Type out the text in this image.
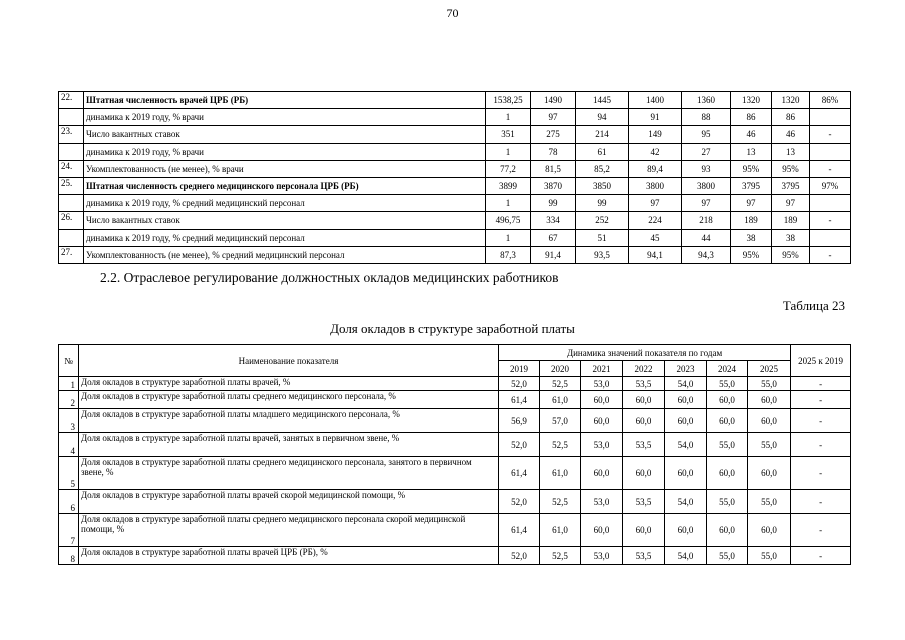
70
22.	Штатная численность врачей ЦРБ (РБ)	1538,25	1490	1445	1400	1360	1320	1320	86%
	динамика к 2019 году, % врачи	1	97	94	91	88	86	86	
23.	Число вакантных ставок	351	275	214	149	95	46	46	-
	динамика к 2019 году, % врачи	1	78	61	42	27	13	13	
24.	Укомплектованность (не менее), % врачи	77,2	81,5	85,2	89,4	93	95%	95%	-
25.	Штатная численность среднего медицинского персонала ЦРБ (РБ)	3899	3870	3850	3800	3800	3795	3795	97%
	динамика к 2019 году, % средний медицинский персонал	1	99	99	97	97	97	97	
26.	Число вакантных ставок	496,75	334	252	224	218	189	189	-
	динамика к 2019 году, % средний медицинский персонал	1	67	51	45	44	38	38	
27.	Укомплектованность (не менее), % средний медицинский персонал	87,3	91,4	93,5	94,1	94,3	95%	95%	-
2.2. Отраслевое регулирование должностных окладов медицинских работников
Таблица 23
Доля окладов в структуре заработной платы
№	Наименование показателя	Динамика значений показателя по годам							2025 к 2019
		2019	2020	2021	2022	2023	2024	2025	
1	Доля окладов в структуре заработной платы врачей, %	52,0	52,5	53,0	53,5	54,0	55,0	55,0	-
2	Доля окладов в структуре заработной платы среднего медицинского персонала, %	61,4	61,0	60,0	60,0	60,0	60,0	60,0	-
3	Доля окладов в структуре заработной платы младшего медицинского персонала, %	56,9	57,0	60,0	60,0	60,0	60,0	60,0	-
4	Доля окладов в структуре заработной платы врачей, занятых в первичном звене, %	52,0	52,5	53,0	53,5	54,0	55,0	55,0	-
5	Доля окладов в структуре заработной платы среднего медицинского персонала, занятого в первичном звене, %	61,4	61,0	60,0	60,0	60,0	60,0	60,0	-
6	Доля окладов в структуре заработной платы врачей скорой медицинской помощи, %	52,0	52,5	53,0	53,5	54,0	55,0	55,0	-
7	Доля окладов в структуре заработной платы среднего медицинского персонала скорой медицинской помощи, %	61,4	61,0	60,0	60,0	60,0	60,0	60,0	-
8	Доля окладов в структуре заработной платы врачей ЦРБ (РБ), %	52,0	52,5	53,0	53,5	54,0	55,0	55,0	-
